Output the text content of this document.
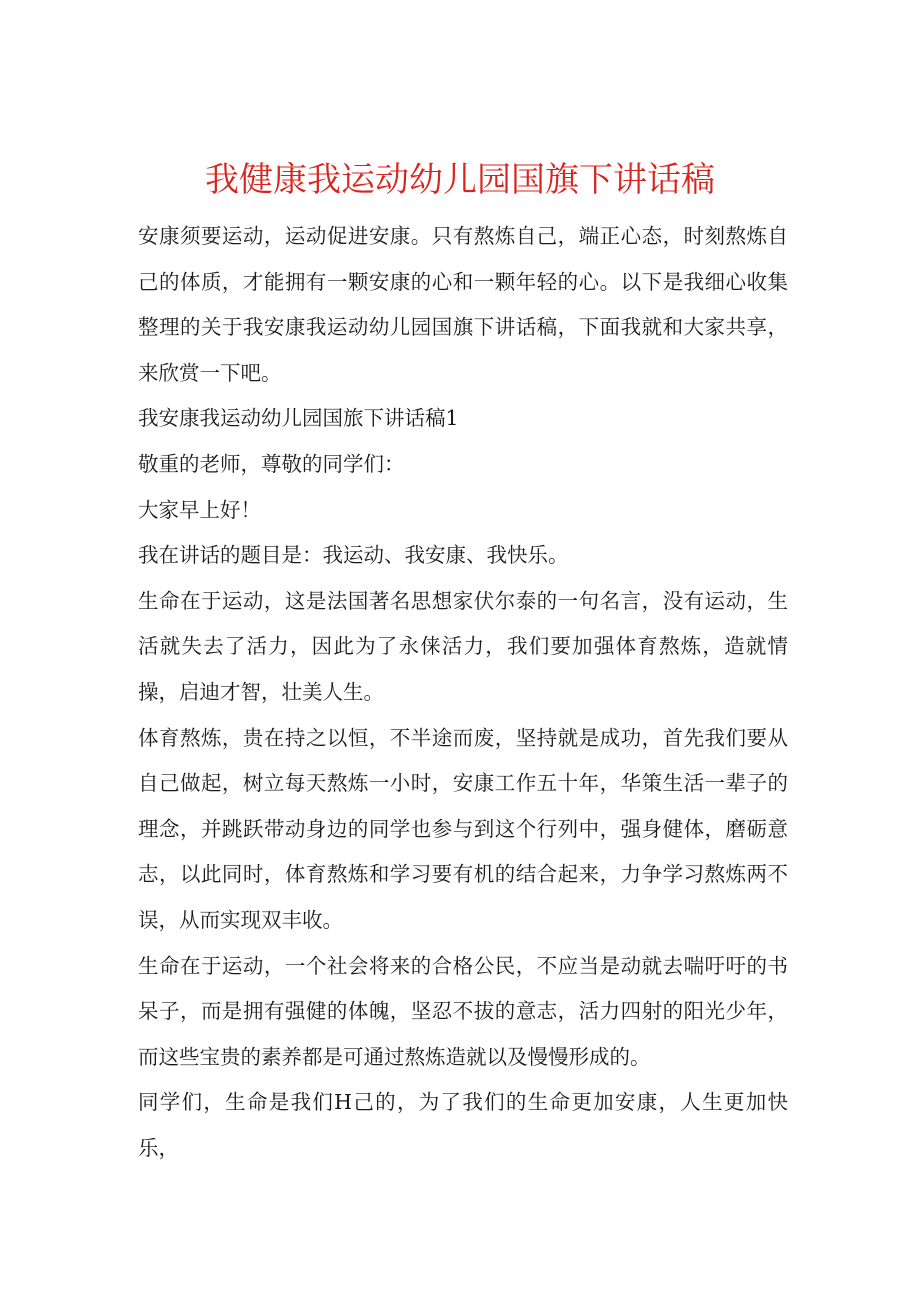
我健康我运动幼儿园国旗下讲话稿

安康须要运动，运动促进安康。只有熬炼自己，端正心态，时刻熬炼自己的体质，才能拥有一颗安康的心和一颗年轻的心。以下是我细心收集整理的关于我安康我运动幼儿园国旗下讲话稿，下面我就和大家共享，来欣赏一下吧。

我安康我运动幼儿园国旅下讲话稿1

敬重的老师，尊敬的同学们：

大家早上好！

我在讲话的题目是：我运动、我安康、我快乐。

生命在于运动，这是法国著名思想家伏尔泰的一句名言，没有运动，生活就失去了活力，因此为了永俫活力，我们要加强体育熬炼，造就情操，启迪才智，壮美人生。

体育熬炼，贵在持之以恒，不半途而废，坚持就是成功，首先我们要从自己做起，树立每天熬炼一小时，安康工作五十年，华策生活一辈子的理念，并跳跃带动身边的同学也参与到这个行列中，强身健体，磨砺意志，以此同时，体育熬炼和学习要有机的结合起来，力争学习熬炼两不误，从而实现双丰收。

生命在于运动，一个社会将来的合格公民，不应当是动就去喘吁吁的书呆子，而是拥有强健的体魄，坚忍不拔的意志，活力四射的阳光少年，而这些宝贵的素养都是可通过熬炼造就以及慢慢形成的。

同学们，生命是我们H己的，为了我们的生命更加安康，人生更加快乐，
